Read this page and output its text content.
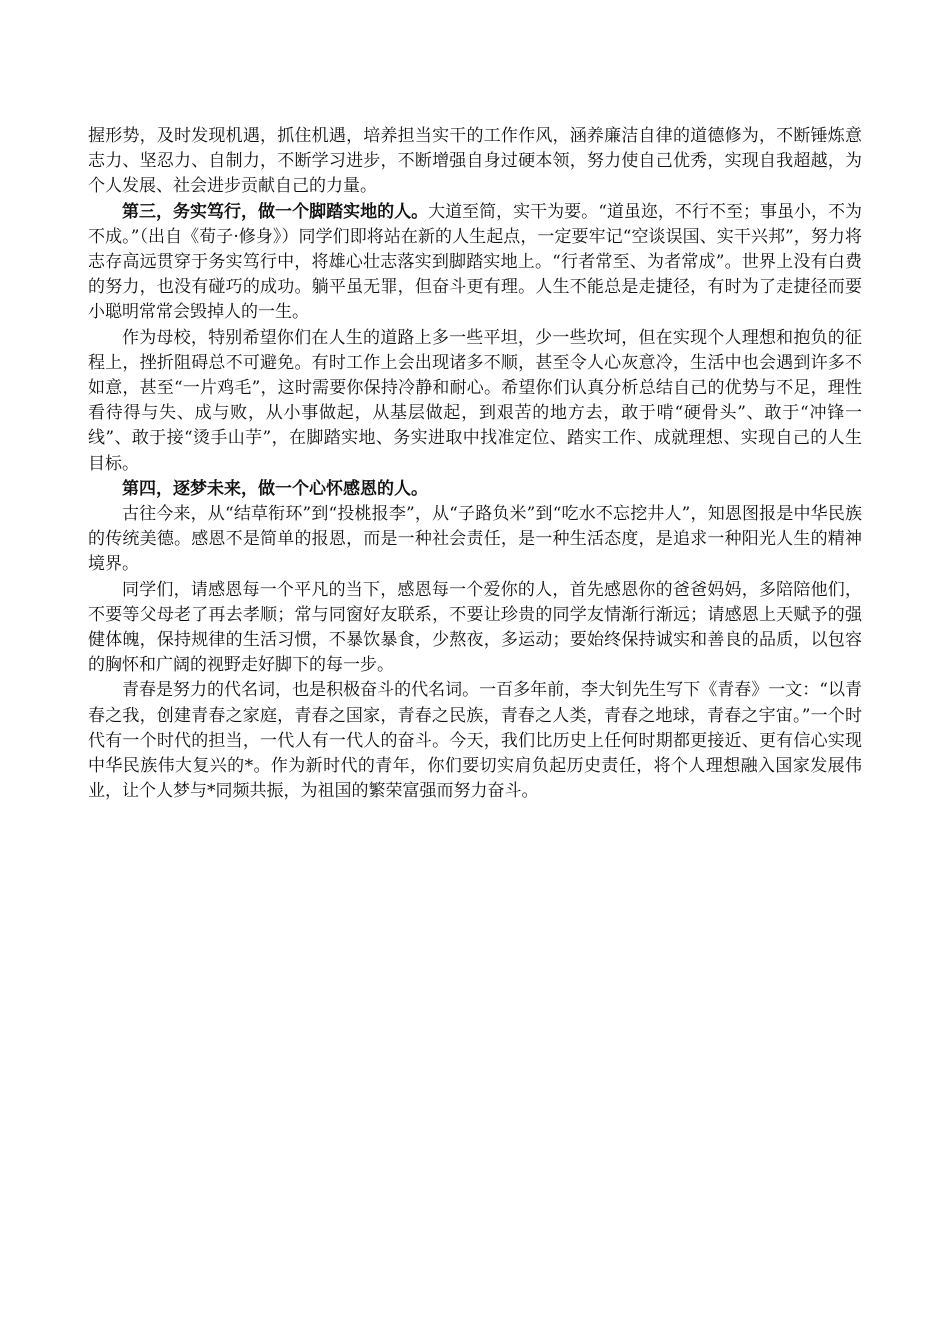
握形势，及时发现机遇，抓住机遇，培养担当实干的工作作风，涵养廉洁自律的道德修为，不断锤炼意志力、坚忍力、自制力，不断学习进步，不断增强自身过硬本领，努力使自己优秀，实现自我超越，为个人发展、社会进步贡献自己的力量。

第三，务实笃行，做一个脚踏实地的人。大道至简，实干为要。“道虽迩，不行不至；事虽小，不为不成。”（出自《荀子·修身》）同学们即将站在新的人生起点，一定要牢记“空谈误国、实干兴邦”，努力将志存高远贯穿于务实笃行中，将雄心壮志落实到脚踏实地上。“行者常至、为者常成”。世界上没有白费的努力，也没有碰巧的成功。躺平虽无罪，但奋斗更有理。人生不能总是走捷径，有时为了走捷径而要小聪明常常会毁掉人的一生。

作为母校，特别希望你们在人生的道路上多一些平坦，少一些坎坷，但在实现个人理想和抱负的征程上，挫折阻碍总不可避免。有时工作上会出现诸多不顺，甚至令人心灰意冷，生活中也会遇到许多不如意，甚至“一片鸡毛”，这时需要你保持冷静和耐心。希望你们认真分析总结自己的优势与不足，理性看待得与失、成与败，从小事做起，从基层做起，到艰苦的地方去，敢于啃“硬骨头”、敢于“冲锋一线”、敢于接“烫手山芋”，在脚踏实地、务实进取中找准定位、踏实工作、成就理想、实现自己的人生目标。

第四，逐梦未来，做一个心怀感恩的人。

古往今来，从“结草衔环”到“投桃报李”，从“子路负米”到“吃水不忘挖井人”，知恩图报是中华民族的传统美德。感恩不是简单的报恩，而是一种社会责任，是一种生活态度，是追求一种阳光人生的精神境界。

同学们，请感恩每一个平凡的当下，感恩每一个爱你的人，首先感恩你的爸爸妈妈，多陪陪他们，不要等父母老了再去孝顺；常与同窗好友联系，不要让珍贵的同学友情渐行渐远；请感恩上天赋予的强健体魄，保持规律的生活习惯，不暴饮暴食，少熬夜，多运动；要始终保持诚实和善良的品质，以包容的胸怀和广阔的视野走好脚下的每一步。

青春是努力的代名词，也是积极奋斗的代名词。一百多年前，李大钊先生写下《青春》一文：“以青春之我，创建青春之家庭，青春之国家，青春之民族，青春之人类，青春之地球，青春之宇宙。”一个时代有一个时代的担当，一代人有一代人的奋斗。今天，我们比历史上任何时期都更接近、更有信心实现中华民族伟大复兴的*。作为新时代的青年，你们要切实肩负起历史责任，将个人理想融入国家发展伟业，让个人梦与*同频共振，为祖国的繁荣富强而努力奋斗。
